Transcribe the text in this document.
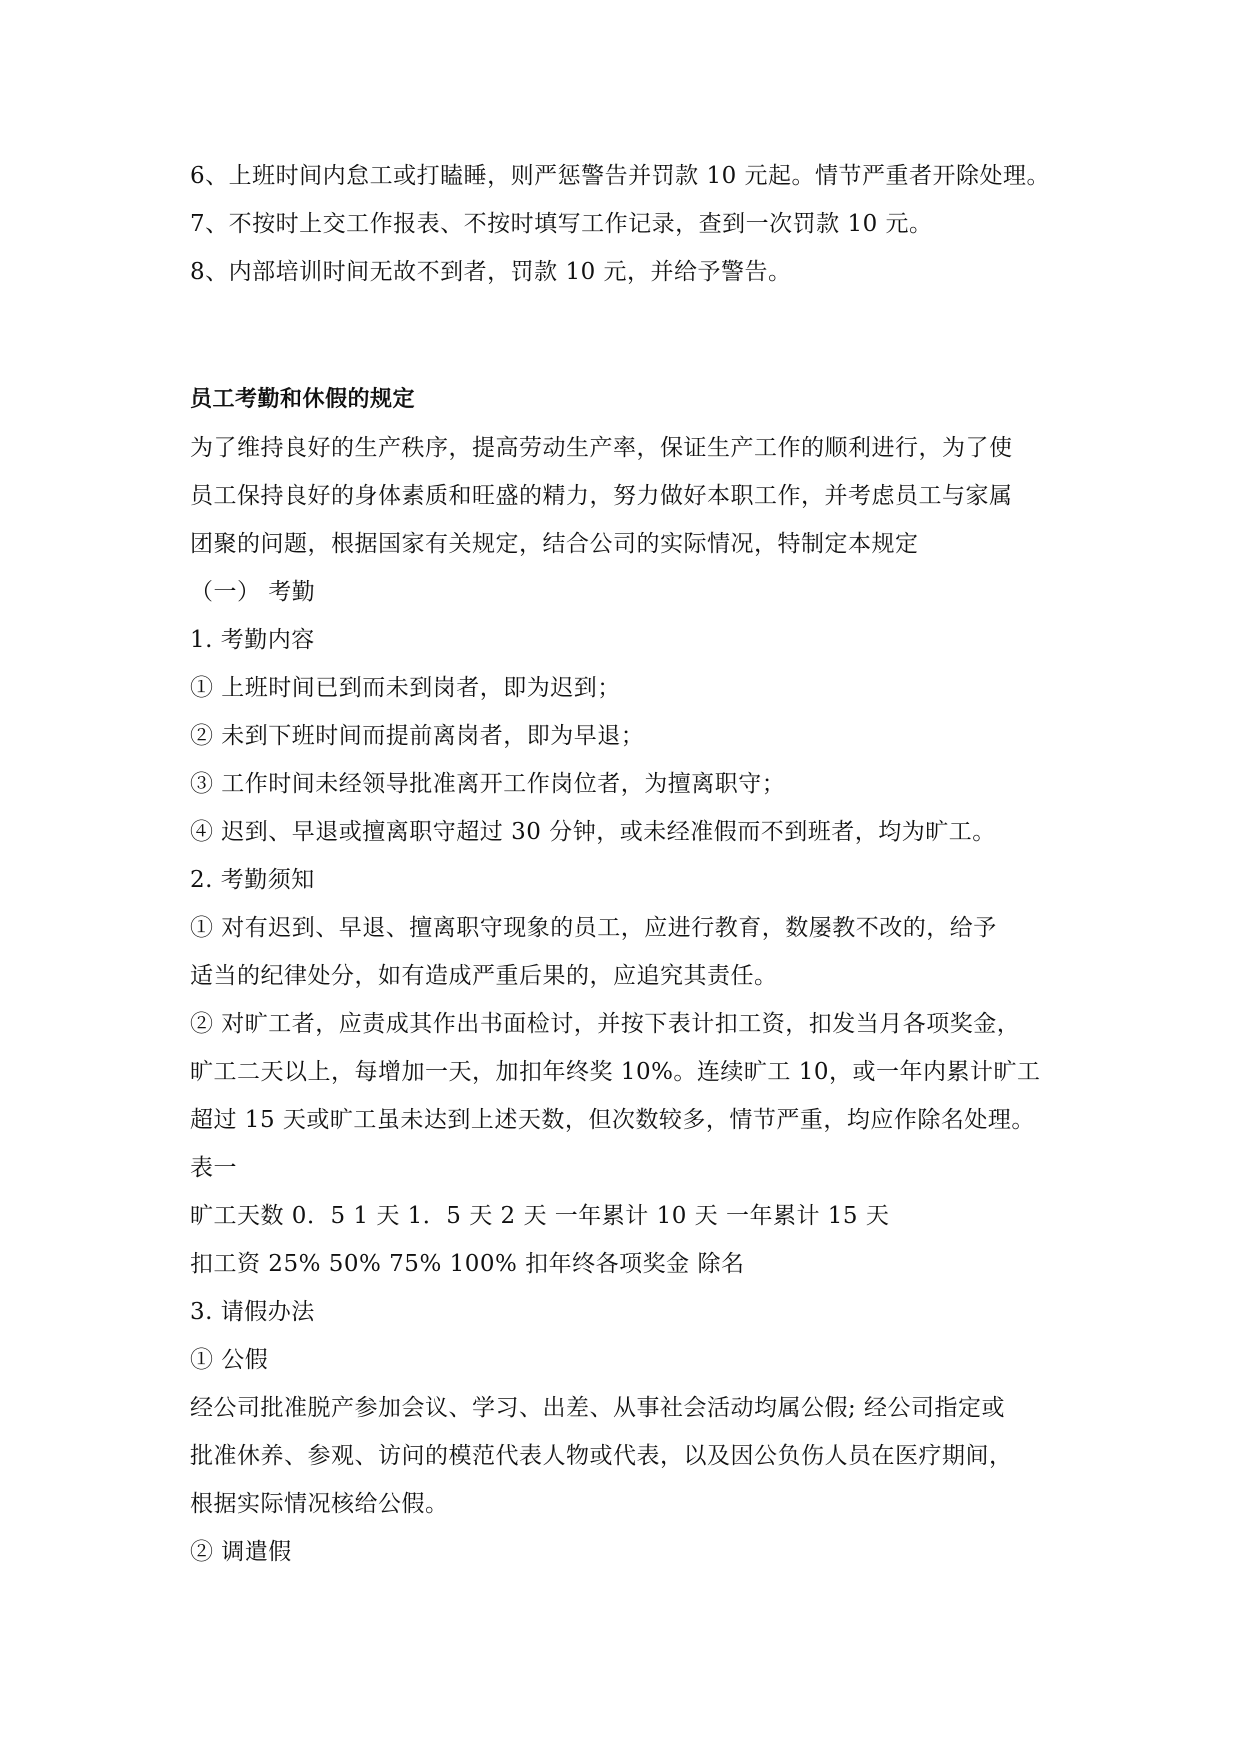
6、上班时间内怠工或打瞌睡，则严惩警告并罚款 10 元起。情节严重者开除处理。
7、不按时上交工作报表、不按时填写工作记录，查到一次罚款 10 元。
8、内部培训时间无故不到者，罚款 10 元，并给予警告。
员工考勤和休假的规定
为了维持良好的生产秩序，提高劳动生产率，保证生产工作的顺利进行，为了使
员工保持良好的身体素质和旺盛的精力，努力做好本职工作，并考虑员工与家属
团聚的问题，根据国家有关规定，结合公司的实际情况，特制定本规定
（一） 考勤
1. 考勤内容
① 上班时间已到而未到岗者，即为迟到；
② 未到下班时间而提前离岗者，即为早退；
③ 工作时间未经领导批准离开工作岗位者，为擅离职守；
④ 迟到、早退或擅离职守超过 30 分钟，或未经准假而不到班者，均为旷工。
2. 考勤须知
① 对有迟到、早退、擅离职守现象的员工，应进行教育，数屡教不改的，给予
适当的纪律处分，如有造成严重后果的，应追究其责任。
② 对旷工者，应责成其作出书面检讨，并按下表计扣工资，扣发当月各项奖金，
旷工二天以上，每增加一天，加扣年终奖 10%。连续旷工 10，或一年内累计旷工
超过 15 天或旷工虽未达到上述天数，但次数较多，情节严重，均应作除名处理。
表一
旷工天数 0．5 1 天 1．5 天 2 天 一年累计 10 天 一年累计 15 天
扣工资 25% 50% 75% 100% 扣年终各项奖金 除名
3. 请假办法
① 公假
经公司批准脱产参加会议、学习、出差、从事社会活动均属公假; 经公司指定或
批准休养、参观、访问的模范代表人物或代表，以及因公负伤人员在医疗期间，
根据实际情况核给公假。
② 调遣假
